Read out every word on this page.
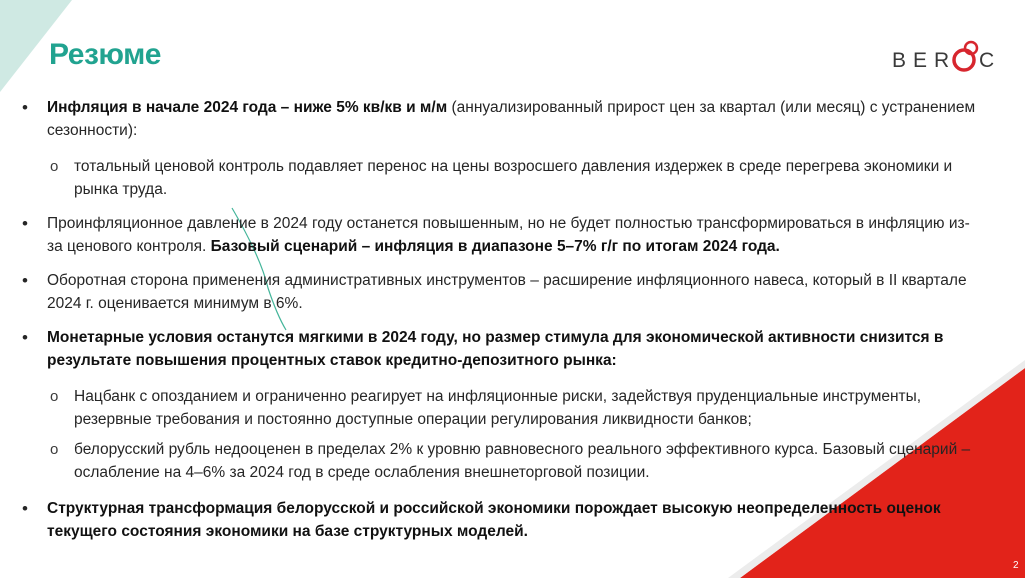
Резюме	B E R C
•	Инфляция в начале 2024 года – ниже 5% кв/кв и м/м (аннуализированный прирост цен за квартал (или месяц) с устранением сезонности):
o тотальный ценовой контроль подавляет перенос на цены возросшего давления издержек в среде перегрева экономики и рынка труда.
•	Проинфляционное давление в 2024 году останется повышенным, но не будет полностью трансформироваться в инфляцию из-за ценового контроля. Базовый сценарий – инфляция в диапазоне 5–7% г/г по итогам 2024 года.
•	Оборотная сторона применения административных инструментов – расширение инфляционного навеса, который в II квартале 2024 г. оценивается минимум в 6%.
•	Монетарные условия останутся мягкими в 2024 году, но размер стимула для экономической активности снизится в результате повышения процентных ставок кредитно-депозитного рынка:
o Нацбанк с опозданием и ограниченно реагирует на инфляционные риски, задействуя пруденциальные инструменты, резервные требования и постоянно доступные операции регулирования ликвидности банков;
o белорусский рубль недооценен в пределах 2% к уровню равновесного реального эффективного курса. Базовый сценарий – ослабление на 4–6% за 2024 год в среде ослабления внешнеторговой позиции.
•	Структурная трансформация белорусской и российской экономики порождает высокую неопределенность оценок текущего состояния экономики на базе структурных моделей.
2
